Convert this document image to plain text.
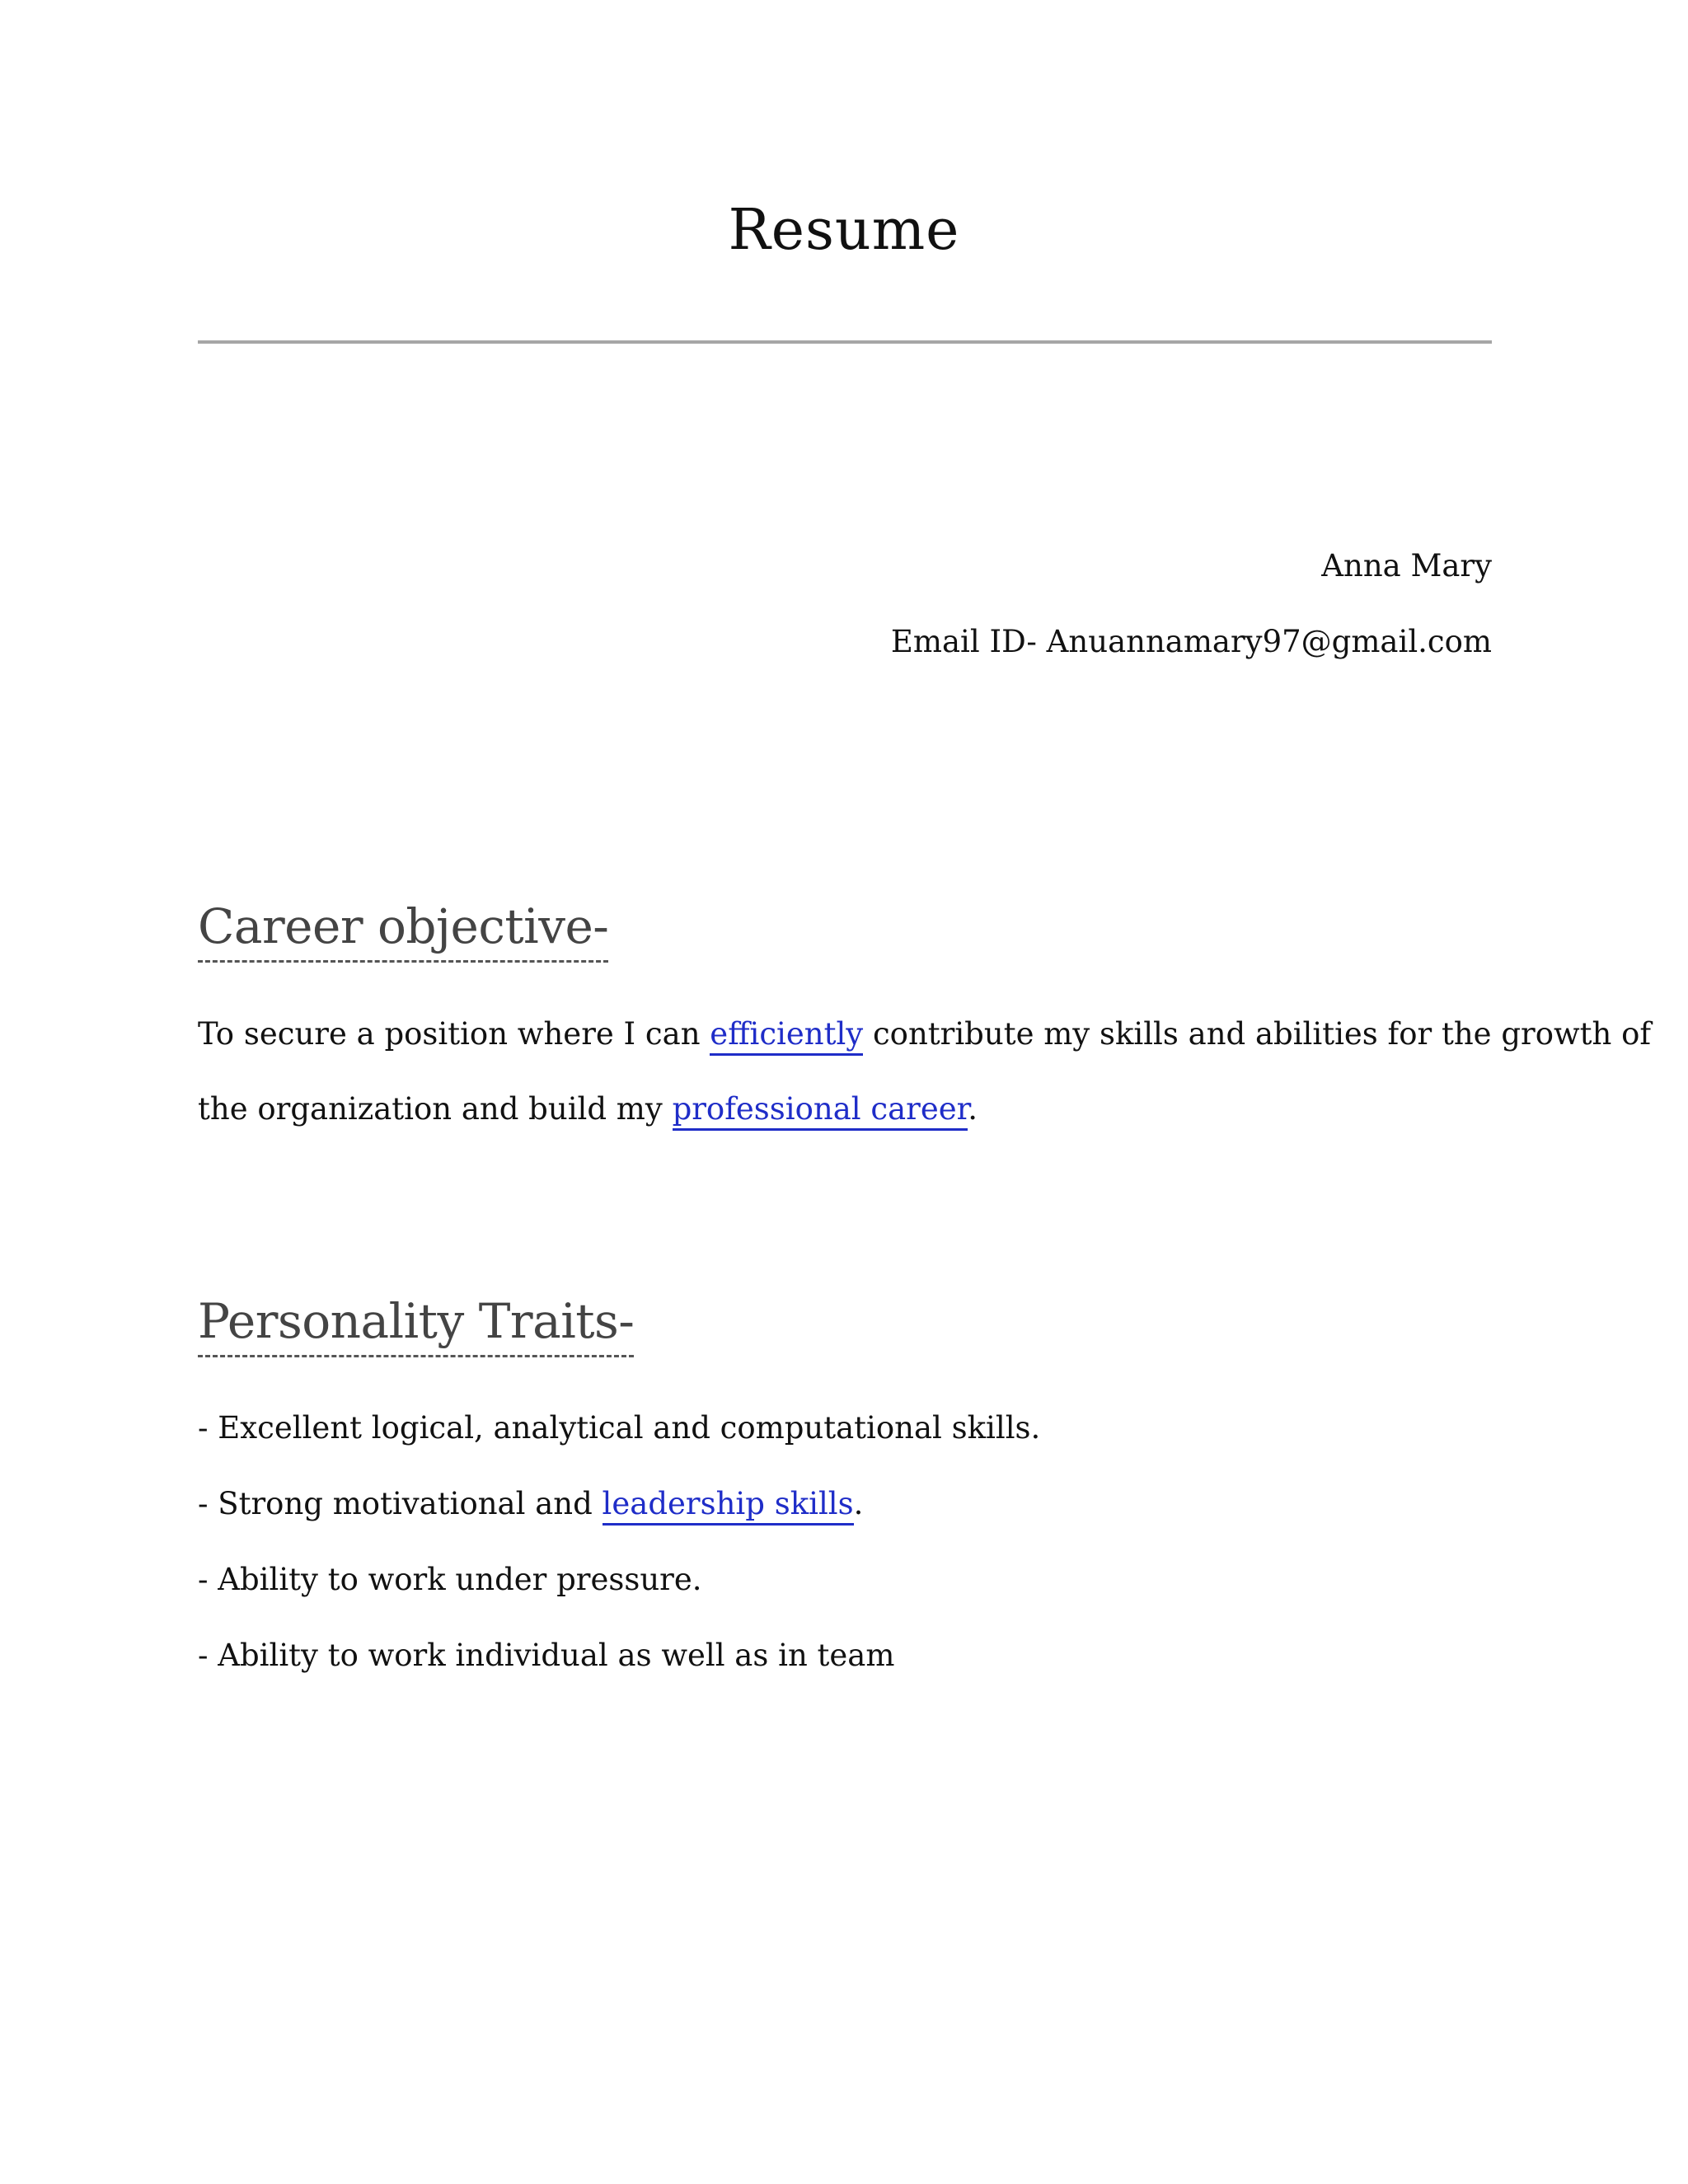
Resume
Anna Mary
Email ID- Anuannamary97@gmail.com
Career objective-
To secure a position where I can efficiently contribute my skills and abilities for the growth of
the organization and build my professional career.
Personality Traits-
- Excellent logical, analytical and computational skills.
- Strong motivational and leadership skills.
- Ability to work under pressure.
- Ability to work individual as well as in team
